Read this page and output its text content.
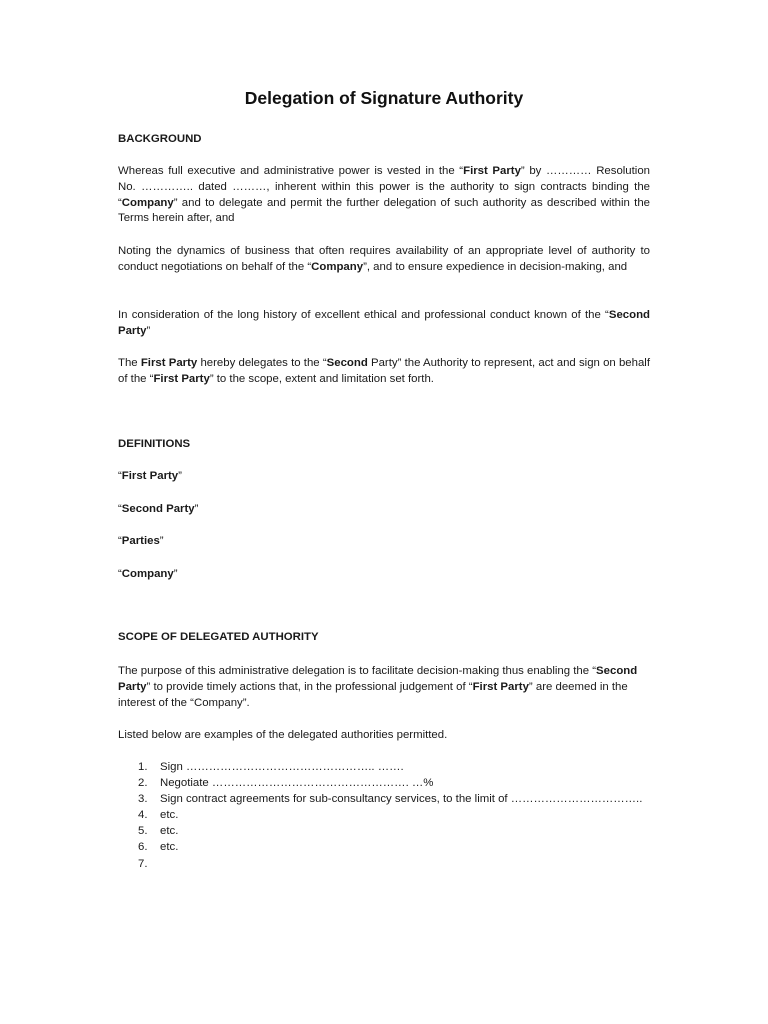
Delegation of Signature Authority
BACKGROUND
Whereas full executive and administrative power is vested in the “First Party” by ………… Resolution No. ………….. dated ………, inherent within this power is the authority to sign contracts binding the “Company” and to delegate and permit the further delegation of such authority as described within the Terms herein after, and
Noting the dynamics of business that often requires availability of an appropriate level of authority to conduct negotiations on behalf of the “Company”, and to ensure expedience in decision-making, and
In consideration of the long history of excellent ethical and professional conduct known of the “Second Party”
The First Party hereby delegates to the “Second Party” the Authority to represent, act and sign on behalf of the “First Party” to the scope, extent and limitation set forth.
DEFINITIONS
“First Party”
“Second Party”
“Parties”
“Company”
SCOPE OF DELEGATED AUTHORITY
The purpose of this administrative delegation is to facilitate decision-making thus enabling the “Second Party” to provide timely actions that, in the professional judgement of “First Party” are deemed in the interest of the “Company”.
Listed below are examples of the delegated authorities permitted.
1. Sign ………………………………………….. …….
2. Negotiate ……………………………………………. …%
3. Sign contract agreements for sub-consultancy services, to the limit of ……………………………..
4. etc.
5. etc.
6. etc.
7.
